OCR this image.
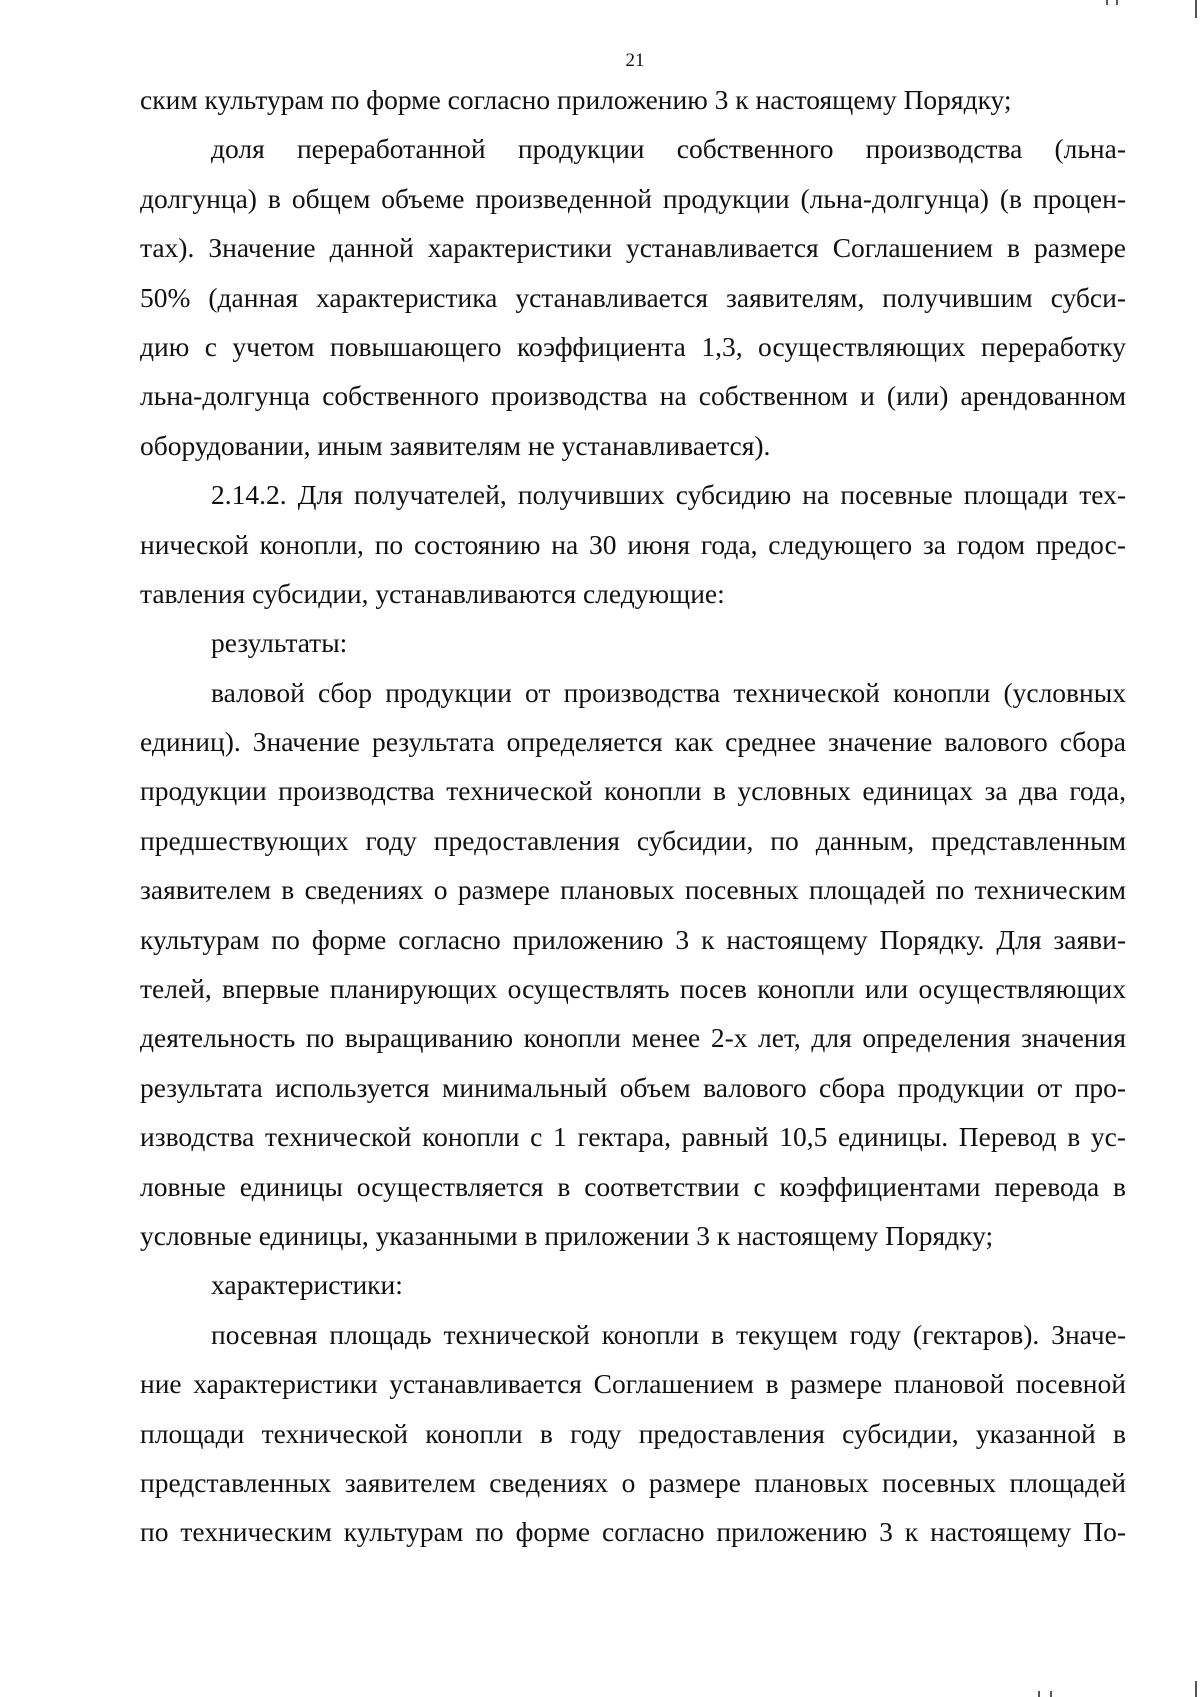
21
ским культурам по форме согласно приложению 3 к настоящему Порядку;
доля переработанной продукции собственного производства (льна-
долгунца) в общем объеме произведенной продукции (льна-долгунца) (в процен-
тах). Значение данной характеристики устанавливается Соглашением в размере
50% (данная характеристика устанавливается заявителям, получившим субси-
дию с учетом повышающего коэффициента 1,3, осуществляющих переработку
льна-долгунца собственного производства на собственном и (или) арендованном
оборудовании, иным заявителям не устанавливается).
2.14.2. Для получателей, получивших субсидию на посевные площади тех-
нической конопли, по состоянию на 30 июня года, следующего за годом предос-
тавления субсидии, устанавливаются следующие:
результаты:
валовой сбор продукции от производства технической конопли (условных
единиц). Значение результата определяется как среднее значение валового сбора
продукции производства технической конопли в условных единицах за два года,
предшествующих году предоставления субсидии, по данным, представленным
заявителем в сведениях о размере плановых посевных площадей по техническим
культурам по форме согласно приложению 3 к настоящему Порядку. Для заяви-
телей, впервые планирующих осуществлять посев конопли или осуществляющих
деятельность по выращиванию конопли менее 2-х лет, для определения значения
результата используется минимальный объем валового сбора продукции от про-
изводства технической конопли с 1 гектара, равный 10,5 единицы. Перевод в ус-
ловные единицы осуществляется в соответствии с коэффициентами перевода в
условные единицы, указанными в приложении 3 к настоящему Порядку;
характеристики:
посевная площадь технической конопли в текущем году (гектаров). Значе-
ние характеристики устанавливается Соглашением в размере плановой посевной
площади технической конопли в году предоставления субсидии, указанной в
представленных заявителем сведениях о размере плановых посевных площадей
по техническим культурам по форме согласно приложению 3 к настоящему По-
